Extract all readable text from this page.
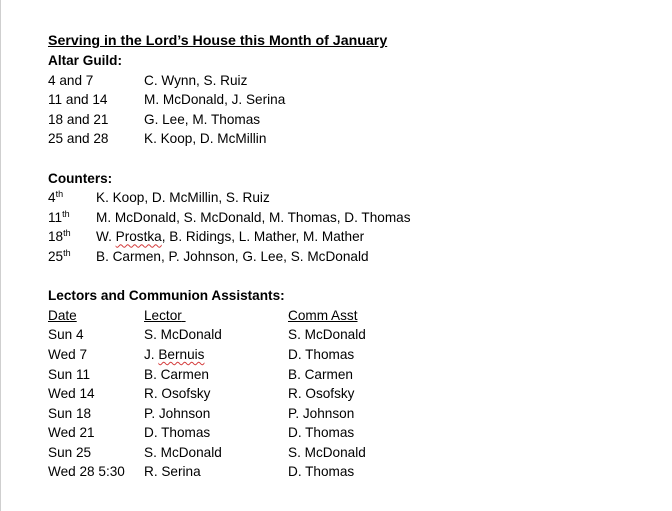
Serving in the Lord’s House this Month of January
Altar Guild:
4 and 7	C. Wynn, S. Ruiz
11 and 14	M. McDonald, J. Serina
18 and 21	G. Lee, M. Thomas
25 and 28	K. Koop, D. McMillin
Counters:
4th K. Koop, D. McMillin, S. Ruiz
11th M. McDonald, S. McDonald, M. Thomas, D. Thomas
18th W. Prostka, B. Ridings, L. Mather, M. Mather
25th B. Carmen, P. Johnson, G. Lee, S. McDonald
Lectors and Communion Assistants:
Date	Lector	Comm Asst
Sun 4	S. McDonald	S. McDonald
Wed 7	J. Bernuis	D. Thomas
Sun 11	B. Carmen	B. Carmen
Wed 14	R. Osofsky	R. Osofsky
Sun 18	P. Johnson	P. Johnson
Wed 21	D. Thomas	D. Thomas
Sun 25	S. McDonald	S. McDonald
Wed 28 5:30 R. Serina	D. Thomas
